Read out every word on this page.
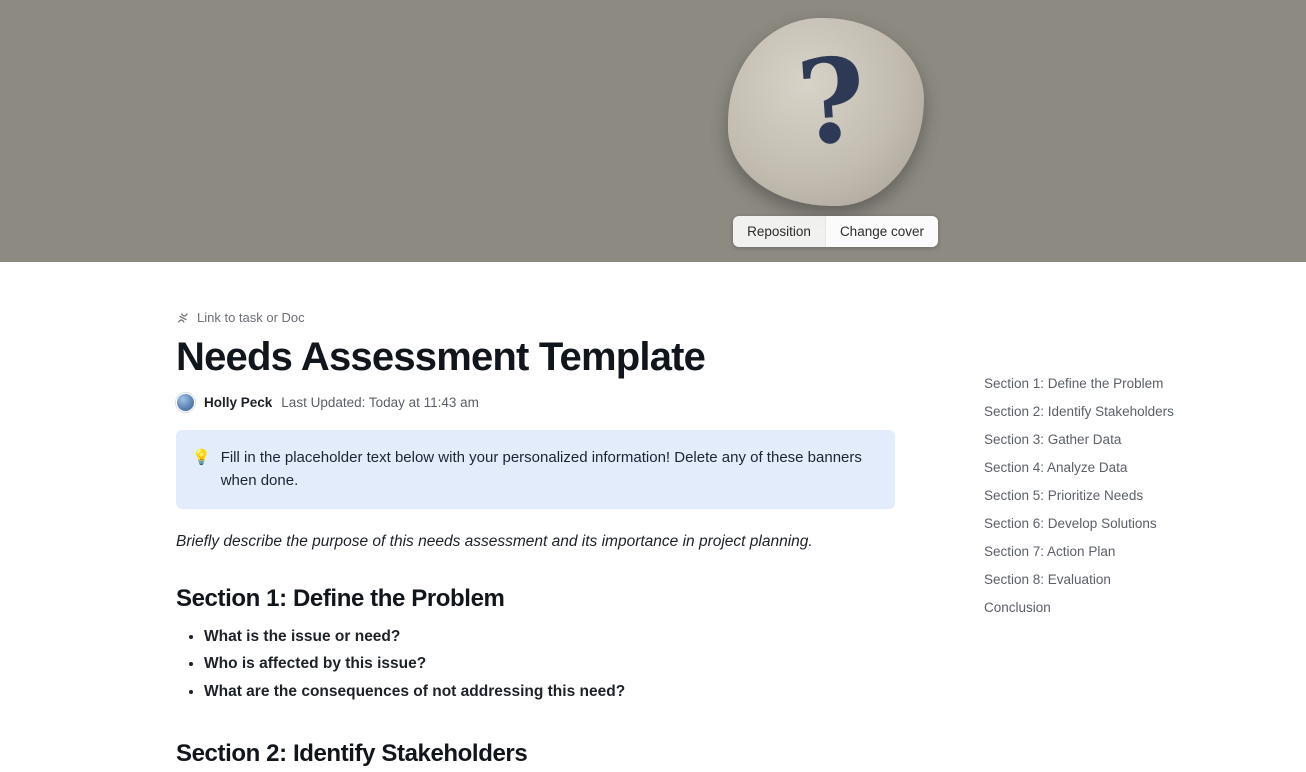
?
Reposition	Change cover
Link to task or Doc
Needs Assessment Template
Holly Peck Last Updated: Today at 11:43 am
💡 Fill in the placeholder text below with your personalized information! Delete any of these banners when done.

Briefly describe the purpose of this needs assessment and its importance in project planning.

Section 1: Define the Problem
• What is the issue or need?
• Who is affected by this issue?
• What are the consequences of not addressing this need?
Section 2: Identify Stakeholders
Section 1: Define the Problem
Section 2: Identify Stakeholders
Section 3: Gather Data
Section 4: Analyze Data
Section 5: Prioritize Needs
Section 6: Develop Solutions
Section 7: Action Plan
Section 8: Evaluation
Conclusion
